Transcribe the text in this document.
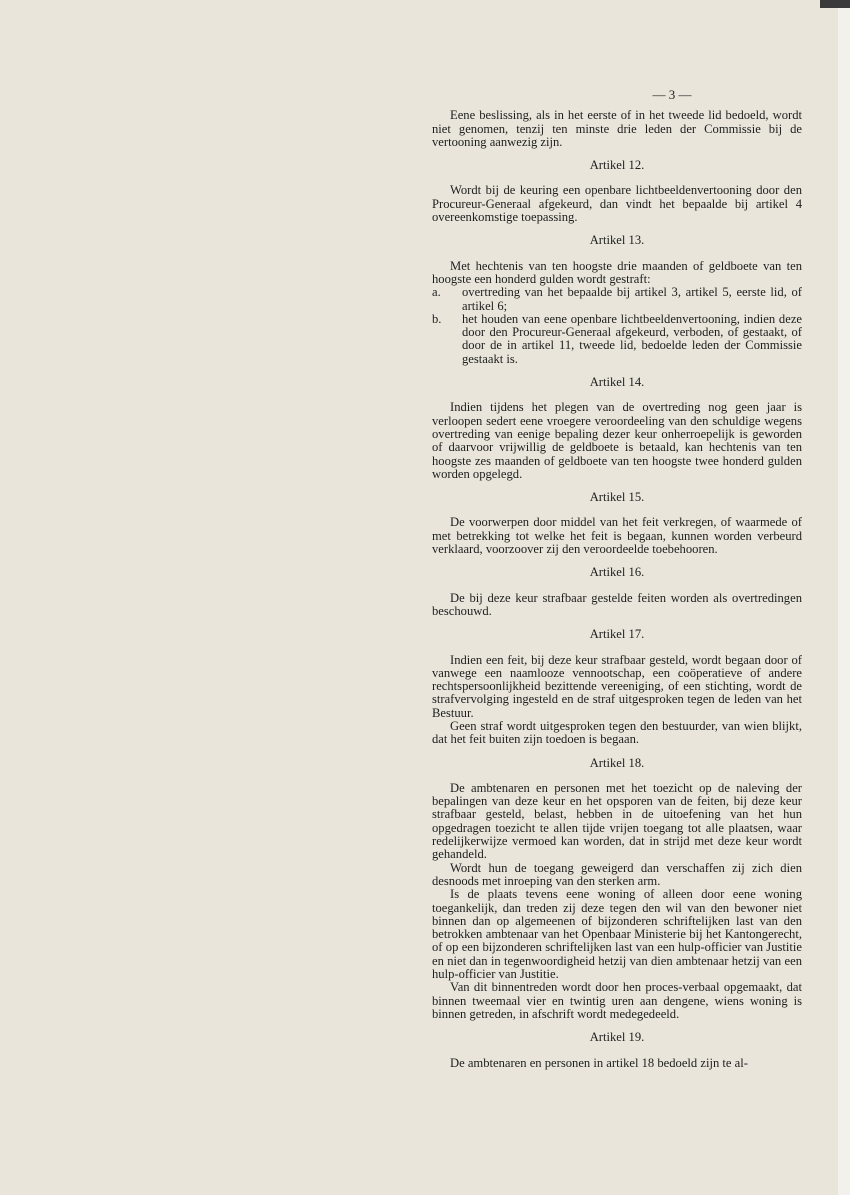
— 3 —

Eene beslissing, als in het eerste of in het tweede lid bedoeld, wordt niet genomen, tenzij ten minste drie leden der Commissie bij de vertooning aanwezig zijn.

Artikel 12.

Wordt bij de keuring een openbare lichtbeeldenvertooning door den Procureur-Generaal afgekeurd, dan vindt het bepaalde bij artikel 4 overeenkomstige toepassing.

Artikel 13.

Met hechtenis van ten hoogste drie maanden of geldboete van ten hoogste een honderd gulden wordt gestraft:

a.	overtreding van het bepaalde bij artikel 3, artikel 5, eerste lid, of artikel 6;
b.	het houden van eene openbare lichtbeeldenvertooning, indien deze door den Procureur-Generaal afgekeurd, verboden, of gestaakt, of door de in artikel 11, tweede lid, bedoelde leden der Commissie gestaakt is.
Artikel 14.

Indien tijdens het plegen van de overtreding nog geen jaar is verloopen sedert eene vroegere veroordeeling van den schuldige wegens overtreding van eenige bepaling dezer keur onherroepelijk is geworden of daarvoor vrijwillig de geldboete is betaald, kan hechtenis van ten hoogste zes maanden of geldboete van ten hoogste twee honderd gulden worden opgelegd.

Artikel 15.

De voorwerpen door middel van het feit verkregen, of waarmede of met betrekking tot welke het feit is begaan, kunnen worden verbeurd verklaard, voorzoover zij den veroordeelde toebehooren.

Artikel 16.

De bij deze keur strafbaar gestelde feiten worden als overtredingen beschouwd.

Artikel 17.

Indien een feit, bij deze keur strafbaar gesteld, wordt begaan door of vanwege een naamlooze vennootschap, een coöperatieve of andere rechtspersoonlijkheid bezittende vereeniging, of een stichting, wordt de strafvervolging ingesteld en de straf uitgesproken tegen de leden van het Bestuur.

Geen straf wordt uitgesproken tegen den bestuurder, van wien blijkt, dat het feit buiten zijn toedoen is begaan.

Artikel 18.

De ambtenaren en personen met het toezicht op de naleving der bepalingen van deze keur en het opsporen van de feiten, bij deze keur strafbaar gesteld, belast, hebben in de uitoefening van het hun opgedragen toezicht te allen tijde vrijen toegang tot alle plaatsen, waar redelijkerwijze vermoed kan worden, dat in strijd met deze keur wordt gehandeld.

Wordt hun de toegang geweigerd dan verschaffen zij zich dien desnoods met inroeping van den sterken arm.

Is de plaats tevens eene woning of alleen door eene woning toegankelijk, dan treden zij deze tegen den wil van den bewoner niet binnen dan op algemeenen of bijzonderen schriftelijken last van den betrokken ambtenaar van het Openbaar Ministerie bij het Kantongerecht, of op een bijzonderen schriftelijken last van een hulp-officier van Justitie en niet dan in tegenwoordigheid hetzij van dien ambtenaar hetzij van een hulp-officier van Justitie.

Van dit binnentreden wordt door hen proces-verbaal opgemaakt, dat binnen tweemaal vier en twintig uren aan dengene, wiens woning is binnen getreden, in afschrift wordt medegedeeld.

Artikel 19.

De ambtenaren en personen in artikel 18 bedoeld zijn te al-
